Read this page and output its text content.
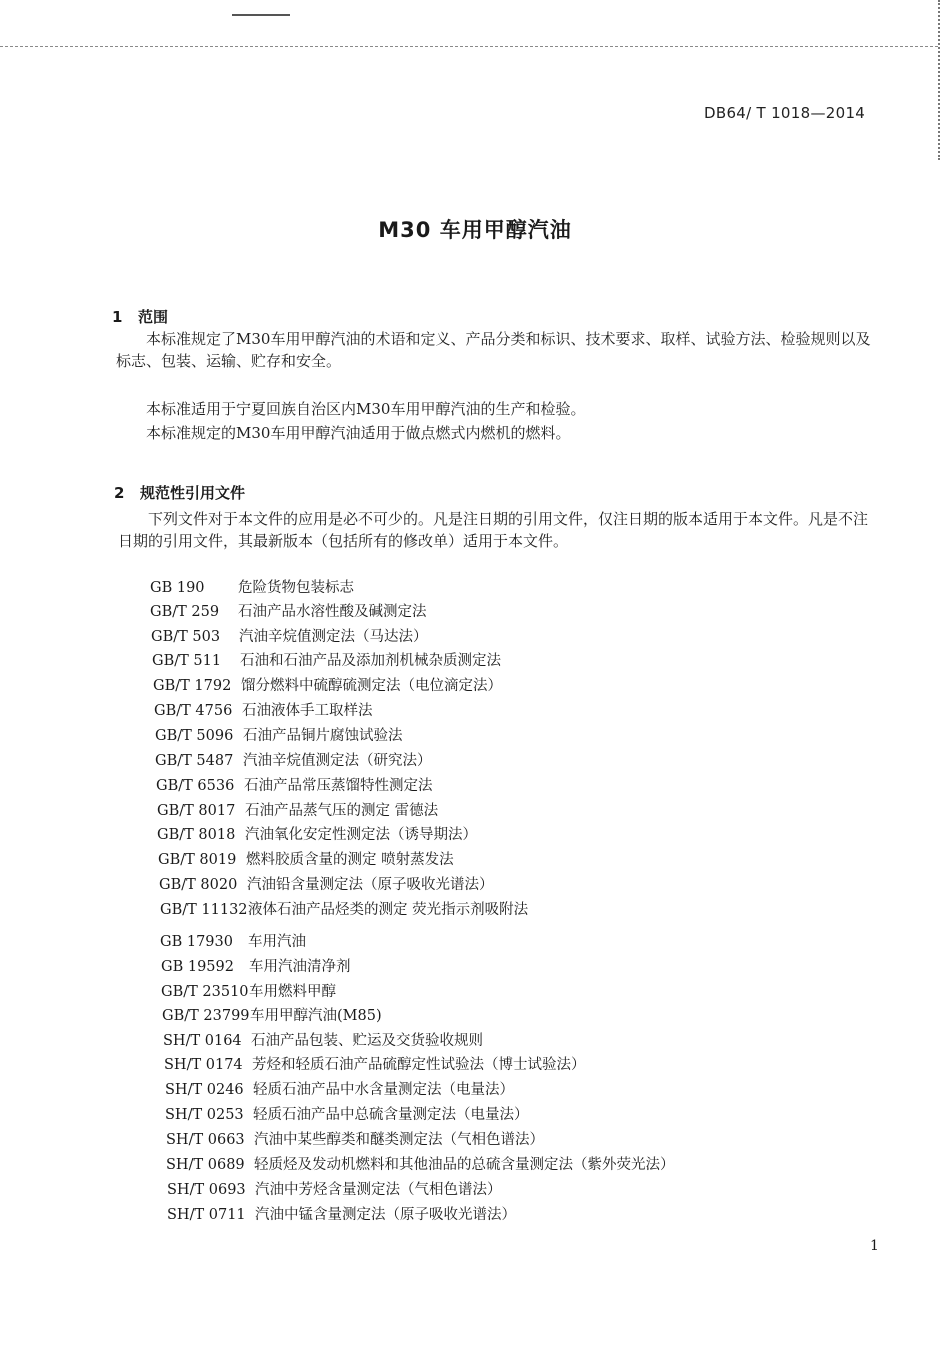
DB64/ T 1018—2014
M30 车用甲醇汽油
1 范围

本标准规定了M30车用甲醇汽油的术语和定义、产品分类和标识、技术要求、取样、试验方法、检验规则以及标志、包装、运输、贮存和安全。

本标准适用于宁夏回族自治区内M30车用甲醇汽油的生产和检验。

本标准规定的M30车用甲醇汽油适用于做点燃式内燃机的燃料。

2 规范性引用文件

下列文件对于本文件的应用是必不可少的。凡是注日期的引用文件，仅注日期的版本适用于本文件。凡是不注日期的引用文件，其最新版本（包括所有的修改单）适用于本文件。

GB 190 危险货物包装标志
GB/T 259 石油产品水溶性酸及碱测定法
GB/T 503 汽油辛烷值测定法（马达法）
GB/T 511 石油和石油产品及添加剂机械杂质测定法
GB/T 1792 馏分燃料中硫醇硫测定法（电位滴定法）
GB/T 4756 石油液体手工取样法
GB/T 5096 石油产品铜片腐蚀试验法
GB/T 5487 汽油辛烷值测定法（研究法）
GB/T 6536 石油产品常压蒸馏特性测定法
GB/T 8017 石油产品蒸气压的测定 雷德法
GB/T 8018 汽油氧化安定性测定法（诱导期法）
GB/T 8019 燃料胶质含量的测定 喷射蒸发法
GB/T 8020 汽油铅含量测定法（原子吸收光谱法）
GB/T 11132液体石油产品烃类的测定 荧光指示剂吸附法
GB 17930 车用汽油
GB 19592 车用汽油清净剂
GB/T 23510车用燃料甲醇
GB/T 23799车用甲醇汽油(M85)
SH/T 0164 石油产品包装、贮运及交货验收规则
SH/T 0174 芳烃和轻质石油产品硫醇定性试验法（博士试验法）
SH/T 0246 轻质石油产品中水含量测定法（电量法）
SH/T 0253 轻质石油产品中总硫含量测定法（电量法）
SH/T 0663 汽油中某些醇类和醚类测定法（气相色谱法）
SH/T 0689 轻质烃及发动机燃料和其他油品的总硫含量测定法（紫外荧光法）
SH/T 0693 汽油中芳烃含量测定法（气相色谱法）
SH/T 0711 汽油中锰含量测定法（原子吸收光谱法）
1
